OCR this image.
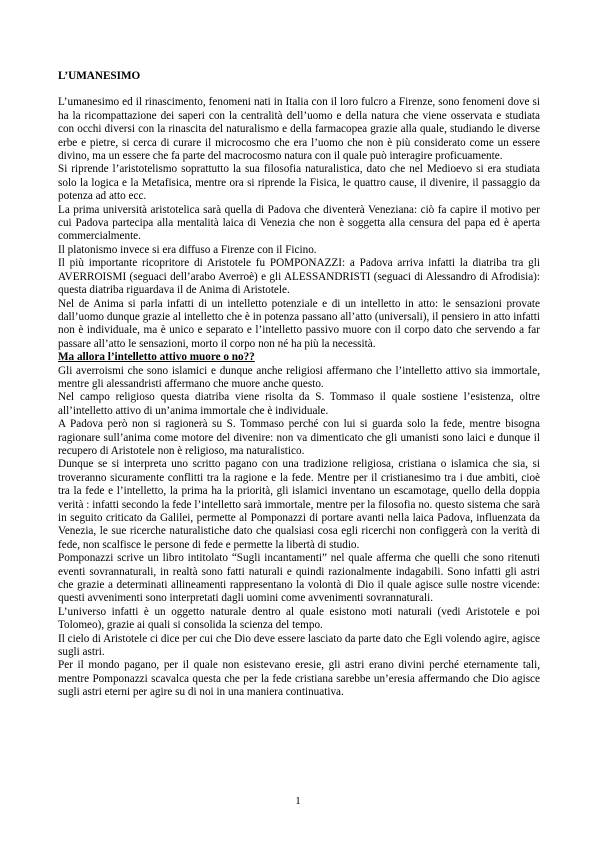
L’UMANESIMO

L’umanesimo ed il rinascimento, fenomeni nati in Italia con il loro fulcro a Firenze, sono fenomeni dove si ha la ricompattazione dei saperi con la centralità dell’uomo e della natura che viene osservata e studiata con occhi diversi con la rinascita del naturalismo e della farmacopea grazie alla quale, studiando le diverse erbe e pietre, si cerca di curare il microcosmo che era l’uomo che non è più considerato come un essere divino, ma un essere che fa parte del macrocosmo natura con il quale può interagire proficuamente.

Si riprende l’aristotelismo soprattutto la sua filosofia naturalistica, dato che nel Medioevo si era studiata solo la logica e la Metafisica, mentre ora si riprende la Fisica, le quattro cause, il divenire, il passaggio da potenza ad atto ecc.

La prima università aristotelica sarà quella di Padova che diventerà Veneziana: ciò fa capire il motivo per cui Padova partecipa alla mentalità laica di Venezia che non è soggetta alla censura del papa ed è aperta commercialmente.

Il platonismo invece si era diffuso a Firenze con il Ficino.

Il più importante ricopritore di Aristotele fu POMPONAZZI: a Padova arriva infatti la diatriba tra gli AVERROISMI (seguaci dell’arabo Averroè) e gli ALESSANDRISTI (seguaci di Alessandro di Afrodisia): questa diatriba riguardava il de Anima di Aristotele.

Nel de Anima si parla infatti di un intelletto potenziale e di un intelletto in atto: le sensazioni provate dall’uomo dunque grazie al intelletto che è in potenza passano all’atto (universali), il pensiero in atto infatti non è individuale, ma è unico e separato e l’intelletto passivo muore con il corpo dato che servendo a far passare all’atto le sensazioni, morto il corpo non né ha più la necessità.

Ma allora l’intelletto attivo muore o no??

Gli averroismi che sono islamici e dunque anche religiosi affermano che l’intelletto attivo sia immortale, mentre gli alessandristi affermano che muore anche questo.

Nel campo religioso questa diatriba viene risolta da S. Tommaso il quale sostiene l’esistenza, oltre all’intelletto attivo di un’anima immortale che è individuale.

A Padova però non si ragionerà su S. Tommaso perché con lui si guarda solo la fede, mentre bisogna ragionare sull’anima come motore del divenire: non va dimenticato che gli umanisti sono laici e dunque il recupero di Aristotele non è religioso, ma naturalistico.

Dunque se si interpreta uno scritto pagano con una tradizione religiosa, cristiana o islamica che sia, si troveranno sicuramente conflitti tra la ragione e la fede. Mentre per il cristianesimo tra i due ambiti, cioè tra la fede e l’intelletto, la prima ha la priorità, gli islamici inventano un escamotage, quello della doppia verità : infatti secondo la fede l’intelletto sarà immortale, mentre per la filosofia no. questo sistema che sarà in seguito criticato da Galilei, permette al Pomponazzi di portare avanti nella laica Padova, influenzata da Venezia, le sue ricerche naturalistiche dato che qualsiasi cosa egli ricerchi non configgerà con la verità di fede, non scalfisce le persone di fede e permette la libertà di studio.

Pomponazzi scrive un libro intitolato “Sugli incantamenti” nel quale afferma che quelli che sono ritenuti eventi sovrannaturali, in realtà sono fatti naturali e quindi razionalmente indagabili. Sono infatti gli astri che grazie a determinati allineamenti rappresentano la volontà di Dio il quale agisce sulle nostre vicende: questi avvenimenti sono interpretati dagli uomini come avvenimenti sovrannaturali.

L’universo infatti è un oggetto naturale dentro al quale esistono moti naturali (vedi Aristotele e poi Tolomeo), grazie ai quali si consolida la scienza del tempo.

Il cielo di Aristotele ci dice per cui che Dio deve essere lasciato da parte dato che Egli volendo agire, agisce sugli astri.

Per il mondo pagano, per il quale non esistevano eresie, gli astri erano divini perché eternamente tali, mentre Pomponazzi scavalca questa che per la fede cristiana sarebbe un’eresia affermando che Dio agisce sugli astri eterni per agire su di noi in una maniera continuativa.

1
